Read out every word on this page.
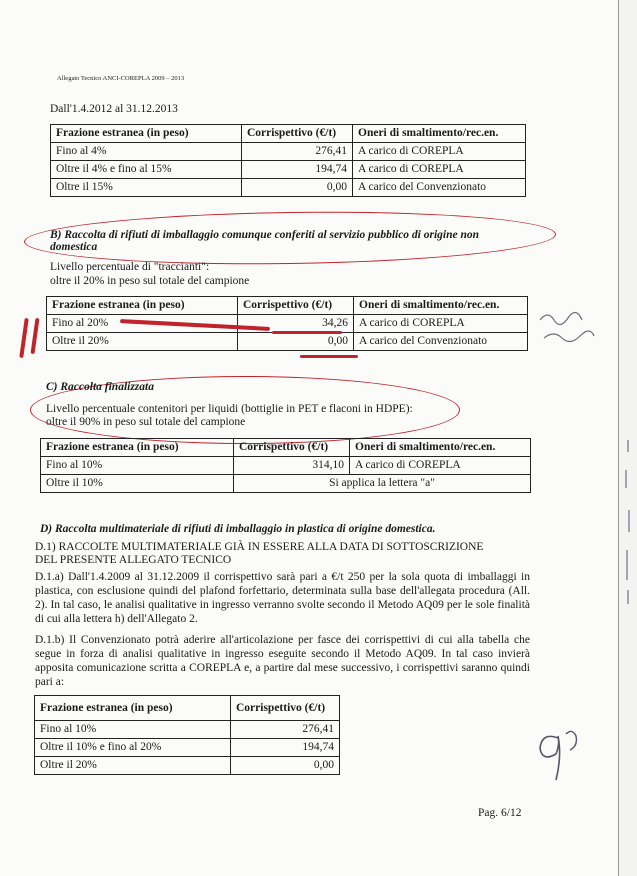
Allegato Tecnico ANCI-COREPLA 2009 – 2013
Dall'1.4.2012 al 31.12.2013
Frazione estranea (in peso)	Corrispettivo (€/t)	Oneri di smaltimento/rec.en.
Fino al 4%	276,41	A carico di COREPLA
Oltre il 4% e fino al 15%	194,74	A carico di COREPLA
Oltre il 15%	0,00	A carico del Convenzionato
B) Raccolta di rifiuti di imballaggio comunque conferiti al servizio pubblico di origine non
domestica
Livello percentuale di "traccianti":
oltre il 20% in peso sul totale del campione
Frazione estranea (in peso)	Corrispettivo (€/t)	Oneri di smaltimento/rec.en.
Fino al 20%	34,26	A carico di COREPLA
Oltre il 20%	0,00	A carico del Convenzionato
C) Raccolta finalizzata
Livello percentuale contenitori per liquidi (bottiglie in PET e flaconi in HDPE):
oltre il 90% in peso sul totale del campione
Frazione estranea (in peso)	Corrispettivo (€/t)	Oneri di smaltimento/rec.en.
Fino al 10%	314,10	A carico di COREPLA
Oltre il 10%	Si applica la lettera "a"	
D) Raccolta multimateriale di rifiuti di imballaggio in plastica di origine domestica.
D.1) RACCOLTE MULTIMATERIALE GIÀ IN ESSERE ALLA DATA DI SOTTOSCRIZIONE
DEL PRESENTE ALLEGATO TECNICO
D.1.a) Dall'1.4.2009 al 31.12.2009 il corrispettivo sarà pari a €/t 250 per la sola quota di imballaggi in plastica, con esclusione quindi del plafond forfettario, determinata sulla base dell'allegata procedura (All. 2). In tal caso, le analisi qualitative in ingresso verranno svolte secondo il Metodo AQ09 per le sole finalità di cui alla lettera h) dell'Allegato 2.
D.1.b) Il Convenzionato potrà aderire all'articolazione per fasce dei corrispettivi di cui alla tabella che segue in forza di analisi qualitative in ingresso eseguite secondo il Metodo AQ09. In tal caso invierà apposita comunicazione scritta a COREPLA e, a partire dal mese successivo, i corrispettivi saranno quindi pari a:
Frazione estranea (in peso)	Corrispettivo (€/t)
Fino al 10%	276,41
Oltre il 10% e fino al 20%	194,74
Oltre il 20%	0,00
Pag. 6/12
